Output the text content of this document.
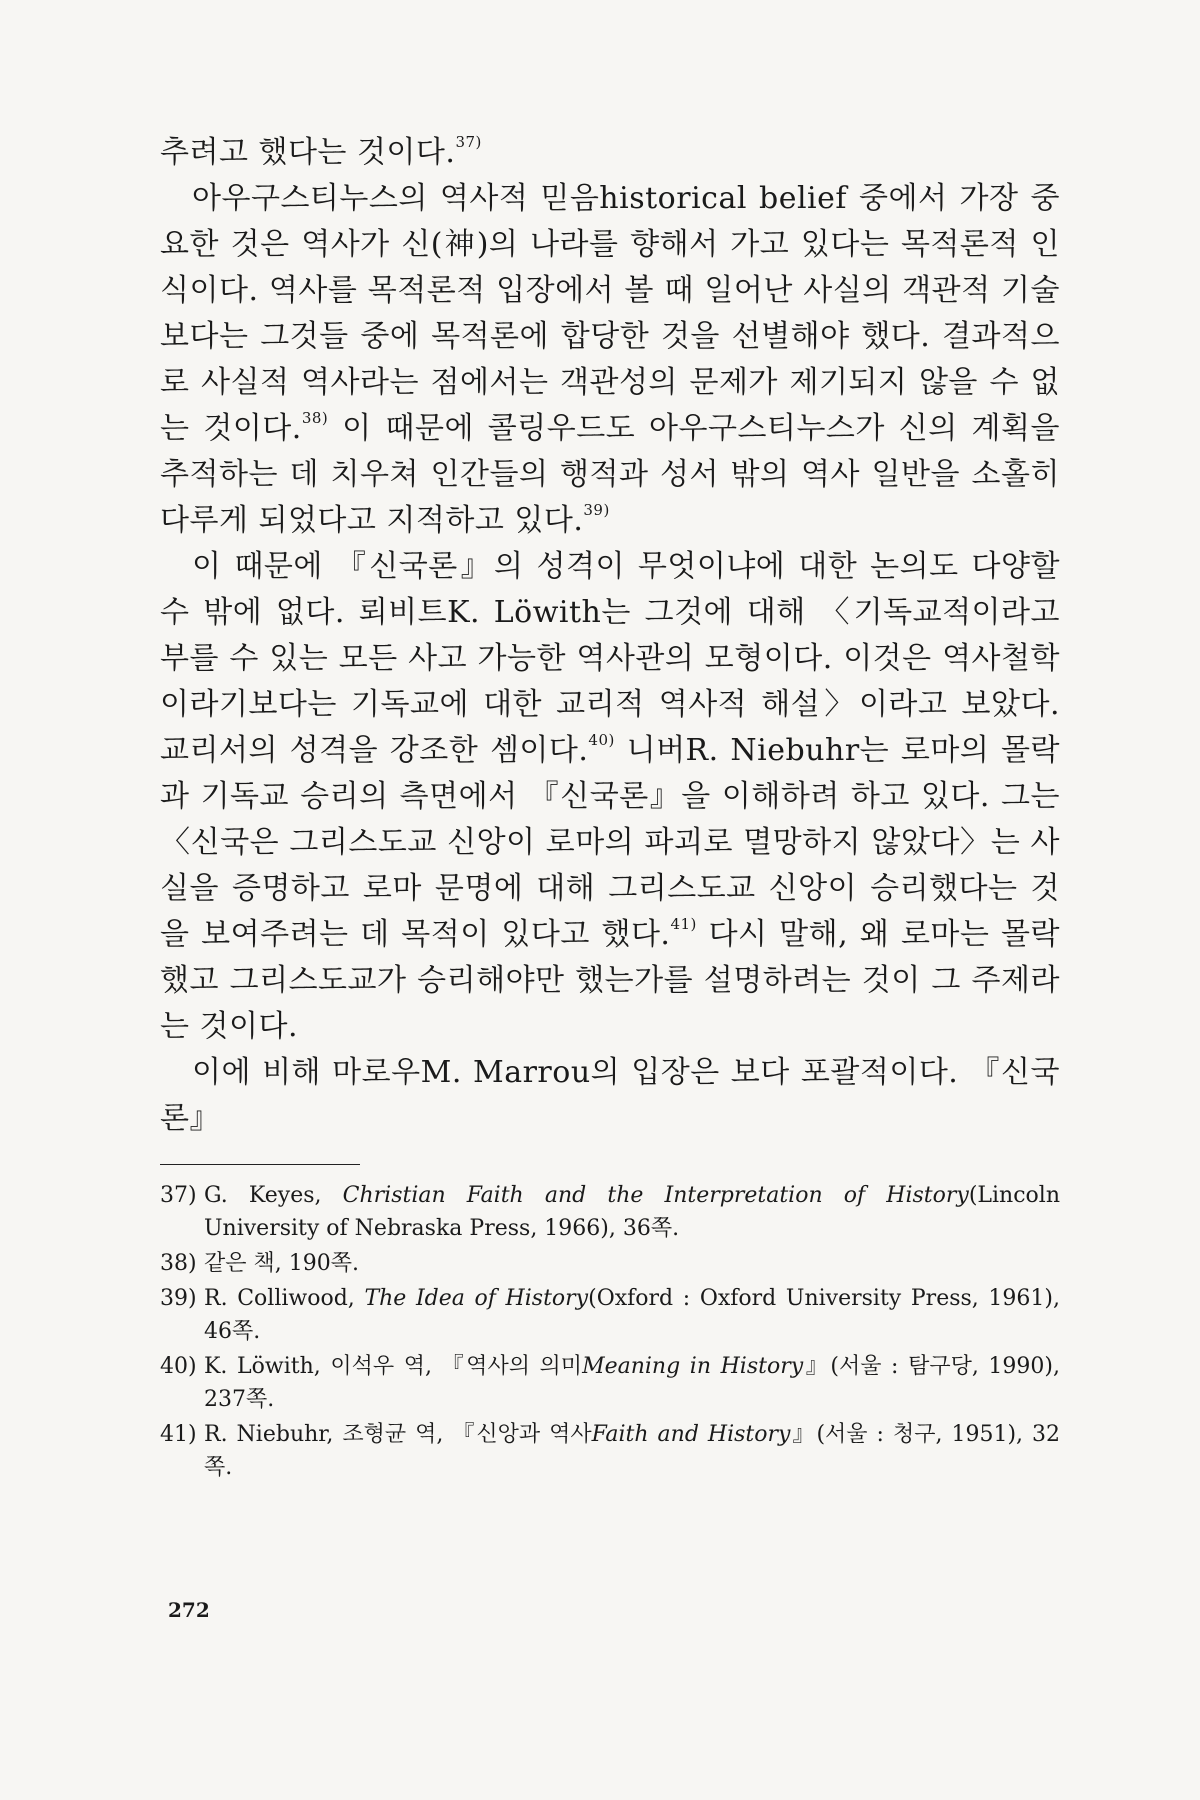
추려고 했다는 것이다.$^{37)}$

아우구스티누스의 역사적 믿음historical belief 중에서 가장 중요한 것은 역사가 신(神)의 나라를 향해서 가고 있다는 목적론적 인식이다. 역사를 목적론적 입장에서 볼 때 일어난 사실의 객관적 기술보다는 그것들 중에 목적론에 합당한 것을 선별해야 했다. 결과적으로 사실적 역사라는 점에서는 객관성의 문제가 제기되지 않을 수 없는 것이다.$^{38)}$ 이 때문에 콜링우드도 아우구스티누스가 신의 계획을 추적하는 데 치우쳐 인간들의 행적과 성서 밖의 역사 일반을 소홀히 다루게 되었다고 지적하고 있다.$^{39)}$

이 때문에 『신국론』의 성격이 무엇이냐에 대한 논의도 다양할 수 밖에 없다. 뢰비트K. Löwith는 그것에 대해 〈기독교적이라고 부를 수 있는 모든 사고 가능한 역사관의 모형이다. 이것은 역사철학이라기보다는 기독교에 대한 교리적 역사적 해설〉이라고 보았다. 교리서의 성격을 강조한 셈이다.$^{40)}$ 니버R. Niebuhr는 로마의 몰락과 기독교 승리의 측면에서 『신국론』을 이해하려 하고 있다. 그는 〈신국은 그리스도교 신앙이 로마의 파괴로 멸망하지 않았다〉는 사실을 증명하고 로마 문명에 대해 그리스도교 신앙이 승리했다는 것을 보여주려는 데 목적이 있다고 했다.$^{41)}$ 다시 말해, 왜 로마는 몰락했고 그리스도교가 승리해야만 했는가를 설명하려는 것이 그 주제라는 것이다.

이에 비해 마로우M. Marrou의 입장은 보다 포괄적이다. 『신국론』

37) G. Keyes, Christian Faith and the Interpretation of History(Lincoln University of Nebraska Press, 1966), 36쪽.
38) 같은 책, 190쪽.
39) R. Colliwood, The Idea of History(Oxford : Oxford University Press, 1961), 46쪽.
40) K. Löwith, 이석우 역, 『역사의 의미Meaning in History』(서울 : 탐구당, 1990), 237쪽.
41) R. Niebuhr, 조형균 역, 『신앙과 역사Faith and History』(서울 : 청구, 1951), 32쪽.
272
